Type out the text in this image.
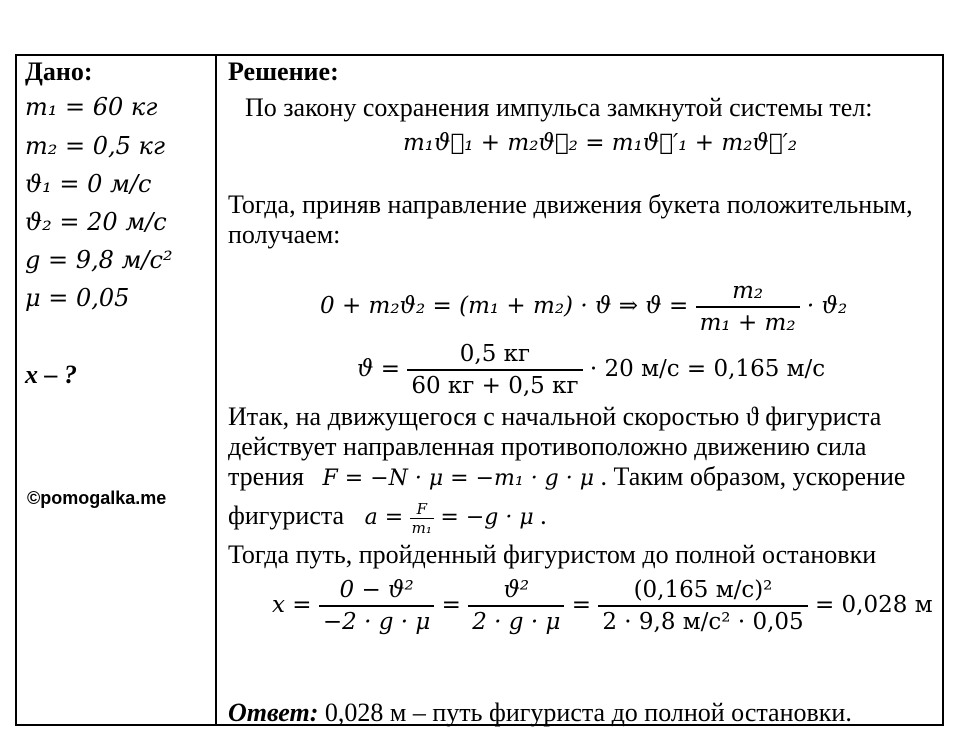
Дано:
m₁ = 60 кг
m₂ = 0,5 кг
ϑ₁ = 0 м/с
ϑ₂ = 20 м/с
g = 9,8 м/с²
μ = 0,05
x – ?
©pomogalka.me
Решение:
По закону сохранения импульса замкнутой системы тел:
m₁ϑ⃗₁ + m₂ϑ⃗₂ = m₁ϑ⃗′₁ + m₂ϑ⃗′₂
Тогда, приняв направление движения букета положительным,
получаем:
0 + m₂ϑ₂ = (m₁ + m₂) · ϑ ⇒ $ϑ = \frac{\text{m₂}}{\text{m₁ + m₂}} \cdot ϑ_2$
$ϑ = \frac{0,5 кг}{60 кг + 0,5 кг} \cdot 20$ м/с = 0,165 м/с
Итак, на движущегося с начальной скоростью ϑ фигуриста
действует направленная противоположно движению сила
трения F = −N · μ = −m₁ · g · μ . Таким образом, ускорение
фигуриста $a = \frac{F}{\text{m₁}} = -g \cdot \mu$ .
Тогда путь, пройденный фигуристом до полной остановки
$x = \frac{\text{0 − ϑ²}}{-2 \cdot g \cdot \mu} = \frac{\text{ϑ²}}{2 \cdot g \cdot \mu} = \frac{\text{(0,165 м/с)²}}{\text{2 · 9,8 м/с² · 0,05}} = 0,028$ м
Ответ: 0,028 м – путь фигуриста до полной остановки.
